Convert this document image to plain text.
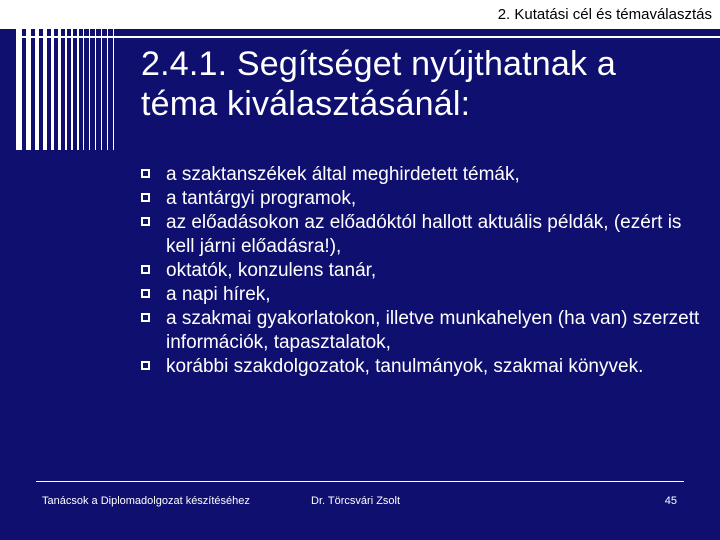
2. Kutatási cél és témaválasztás
2.4.1. Segítséget nyújthatnak a téma kiválasztásánál:
a szaktanszékek által meghirdetett témák,
a tantárgyi programok,
az előadásokon az előadóktól hallott aktuális példák, (ezért is kell járni előadásra!),
oktatók, konzulens tanár,
a napi hírek,
a szakmai gyakorlatokon, illetve munkahelyen (ha van) szerzett információk, tapasztalatok,
korábbi szakdolgozatok, tanulmányok, szakmai könyvek.
Tanácsok a Diplomadolgozat készítéséhez	Dr. Törcsvári Zsolt	45
